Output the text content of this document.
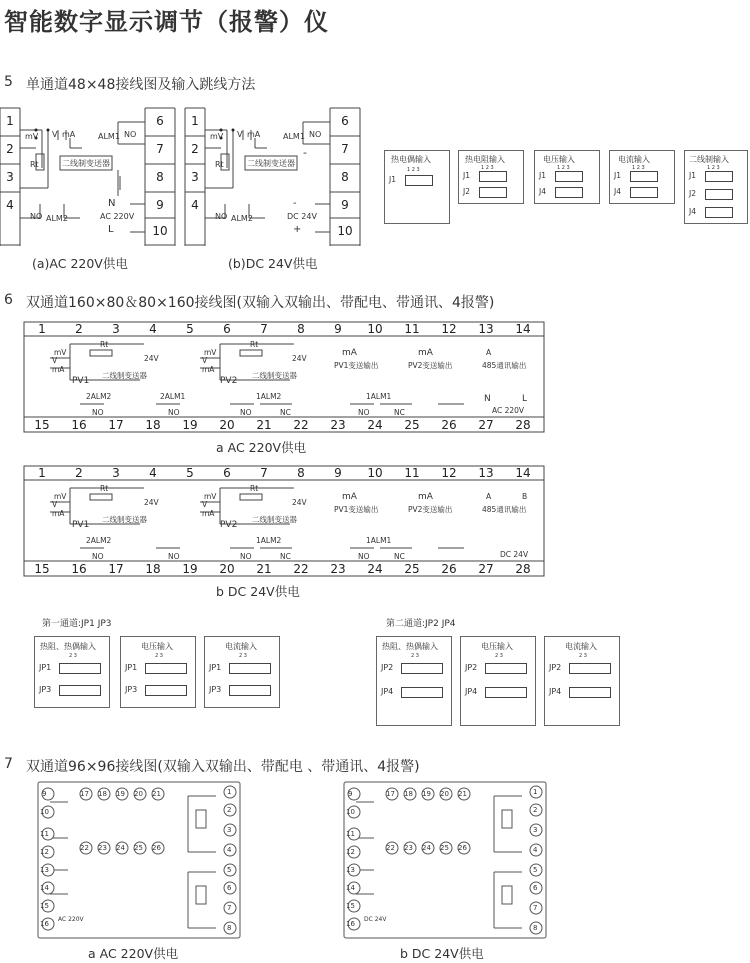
智能数字显示调节（报警）仪
5 单通道48×48接线图及输入跳线方法
1
2
3
4
6
7
8
9
10
mV V mA
Rt	二线制变送器
ALM1 NO
NO ALM2
N
AC 220V
L
(a)AC 220V供电
1
2
3
4
6
7
8
9
10
mV V mA
Rt	二线制变送器
ALM1 NO
NO ALM2
-
-
DC 24V
+
(b)DC 24V供电
热电偶输入
1 2 3
J1
热电阻输入
1 2 3
J1
J2
电压输入
1 2 3
J1
J4
电流输入
1 2 3
J1
J4
二线制输入
1 2 3
J1
J2
J4
6 双通道160×80＆80×160接线图(双输入双输出、带配电、带通讯、4报警)
1	2	3	4	5	6	7	8	9	10 11 12 13 14
15 16 17 18 19 20 21 22 23 24 25 26 27 28
Rt
mV
V
mA
24V
二线制变送器
PV1
Rt
mV
V
mA
24V
二线制变送器
PV2
mA
PV1变送输出
mA
PV2变送输出
A
485通讯输出
2ALM2
NO
2ALM1
NO
1ALM2
NO	NC
1ALM1
NO	NC
N	L
AC 220V
a AC 220V供电
1	2	3	4	5	6	7	8	9	10 11 12 13 14
15 16 17 18 19 20 21 22 23 24 25 26 27 28
Rt
mV
V
mA
24V
二线制变送器
PV1
Rt
mV
V
mA
24V
二线制变送器
PV2
mA
PV1变送输出
mA
PV2变送输出
A	B
485通讯输出
2ALM2
NO	NO
1ALM2
NO	NC
1ALM1
NO	NC	DC 24V
b DC 24V供电
第一通道:JP1 JP3	第二通道:JP2 JP4
热阻、热偶输入
2 3
JP1
JP3
电压输入
2 3
JP1
JP3
电流输入
2 3
JP1
JP3
热阻、热偶输入
2 3
JP2
JP4
电压输入
2 3
JP2
JP4
电流输入
2 3
JP2
JP4
7 双通道96×96接线图(双输入双输出、带配电 、带通讯、4报警)
9
10
11
12
13
14
15
16
17 18 19 20 21
22 23 24 25 26
1
2
3
4
5
6
7
8
AC 220V
a AC 220V供电
9
10
11
12
13
14
15
16
17 18 19 20 21
22 23 24 25 26
1
2
3
4
5
6
7
8
DC 24V
b DC 24V供电
